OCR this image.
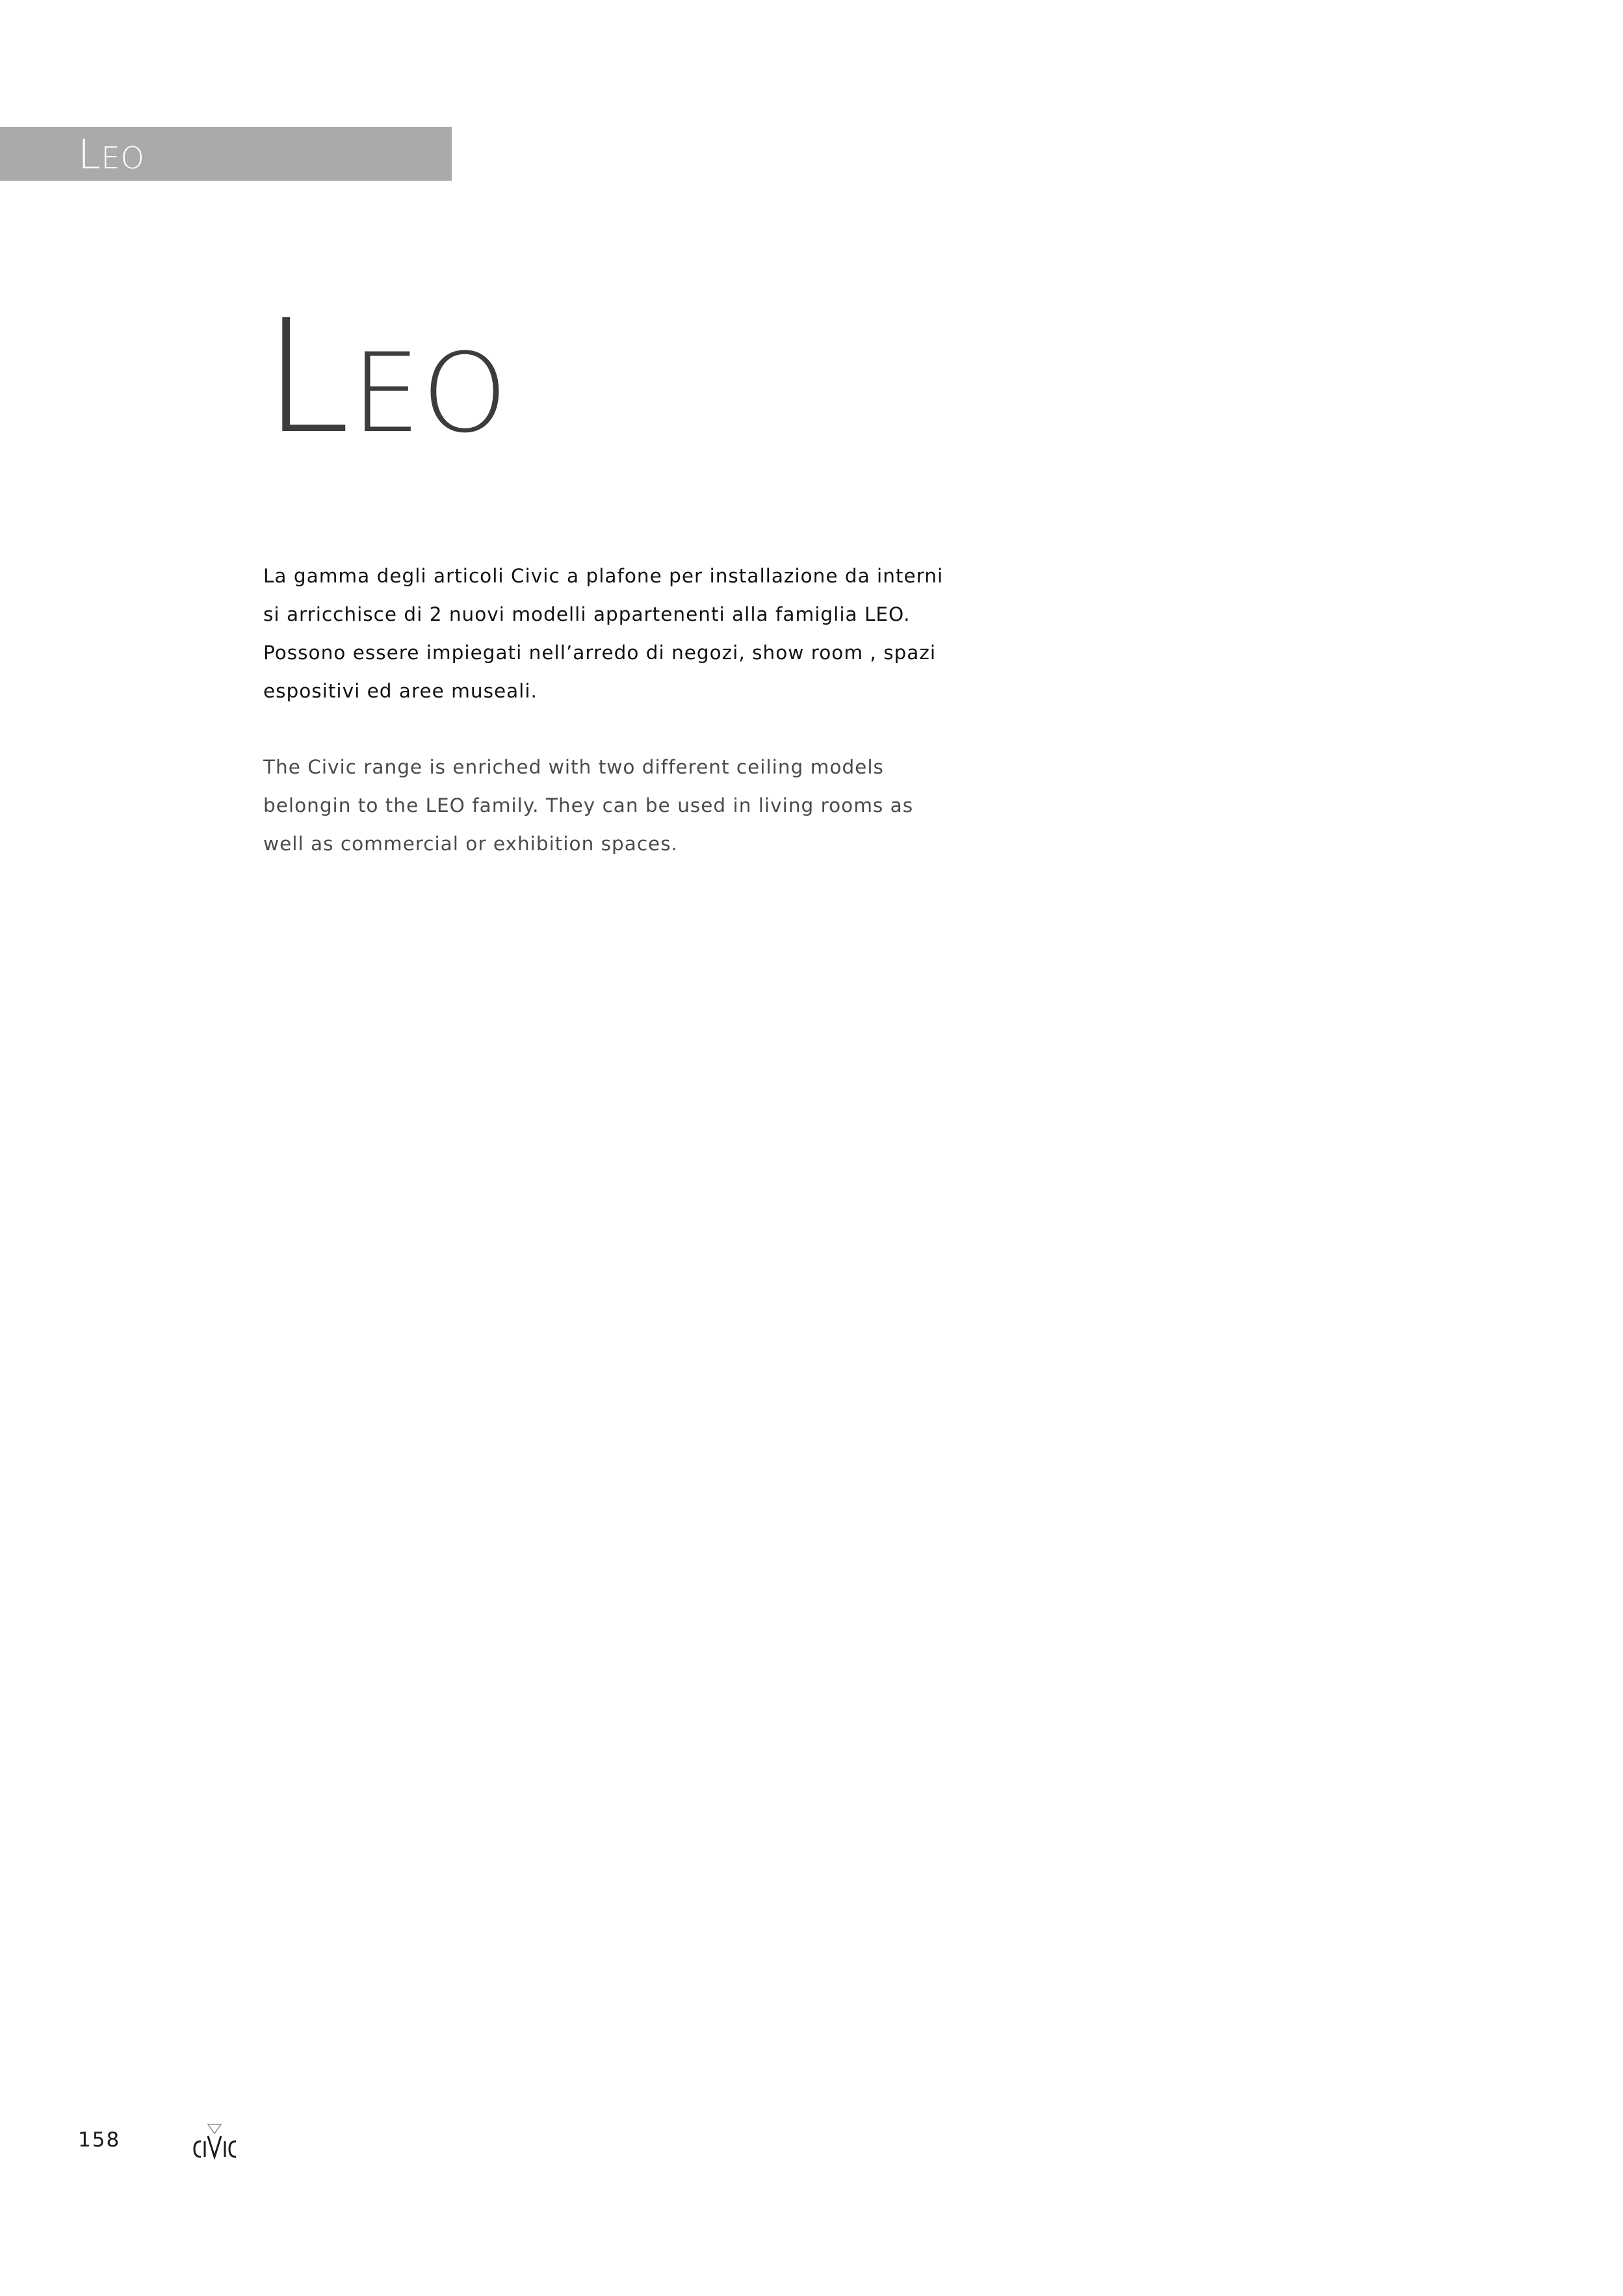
LEO
LEO
La gamma degli articoli Civic a plafone per installazione da interni
si arricchisce di 2 nuovi modelli appartenenti alla famiglia LEO.
Possono essere impiegati nell’arredo di negozi, show room , spazi
espositivi ed aree museali.
The Civic range is enriched with two different ceiling models
belongin to the LEO family. They can be used in living rooms as
well as commercial or exhibition spaces.
158
